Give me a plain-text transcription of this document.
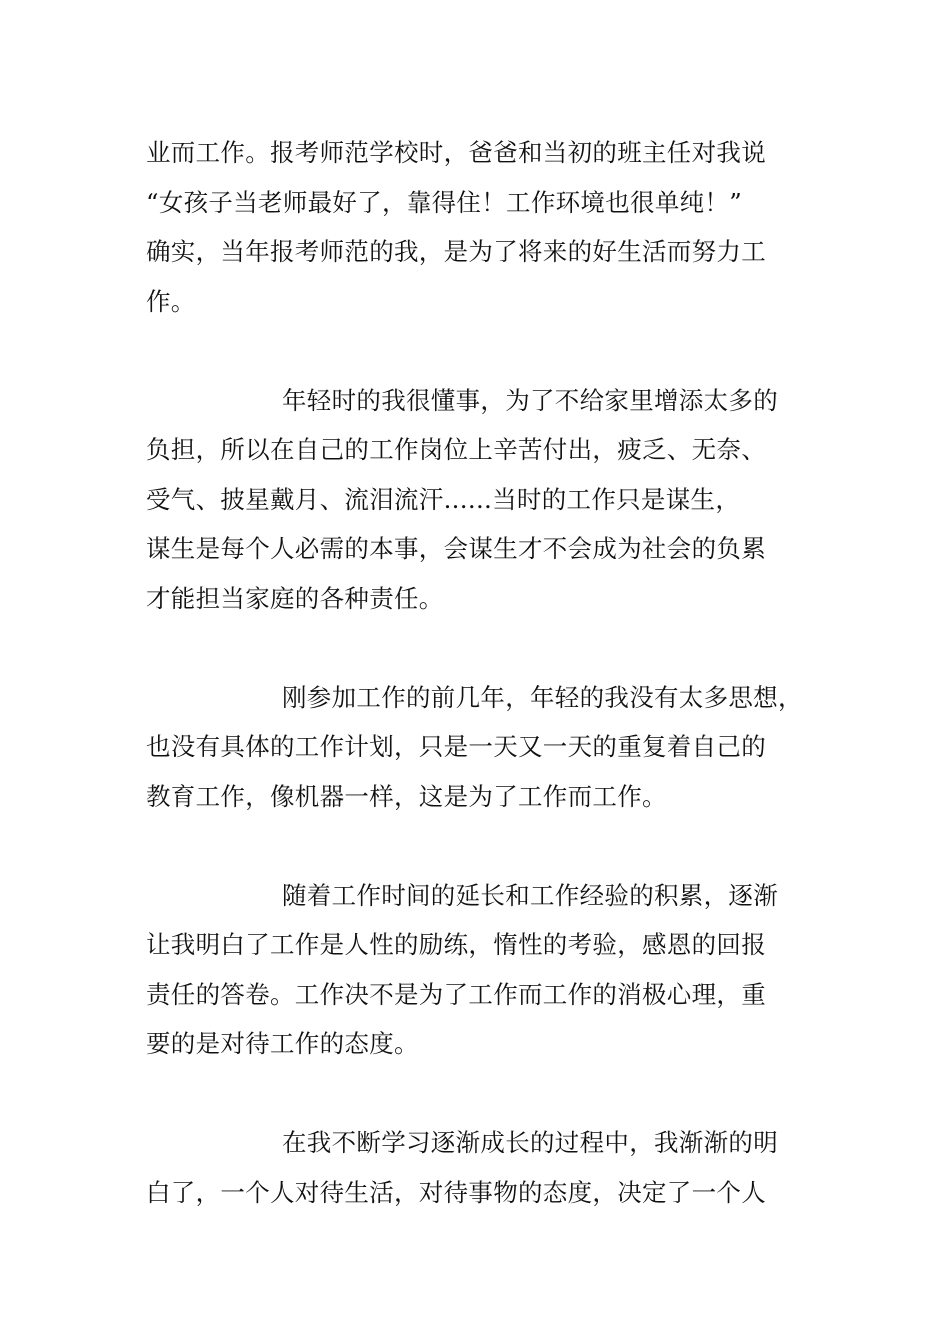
业而工作。报考师范学校时，爸爸和当初的班主任对我说
“女孩子当老师最好了，靠得住！工作环境也很单纯！”
确实，当年报考师范的我，是为了将来的好生活而努力工
作。
年轻时的我很懂事，为了不给家里增添太多的
负担，所以在自己的工作岗位上辛苦付出，疲乏、无奈、
受气、披星戴月、流泪流汗......当时的工作只是谋生，
谋生是每个人必需的本事，会谋生才不会成为社会的负累
才能担当家庭的各种责任。
刚参加工作的前几年，年轻的我没有太多思想，
也没有具体的工作计划，只是一天又一天的重复着自己的
教育工作，像机器一样，这是为了工作而工作。
随着工作时间的延长和工作经验的积累，逐渐
让我明白了工作是人性的励练，惰性的考验，感恩的回报
责任的答卷。工作决不是为了工作而工作的消极心理，重
要的是对待工作的态度。
在我不断学习逐渐成长的过程中，我渐渐的明
白了，一个人对待生活，对待事物的态度，决定了一个人
